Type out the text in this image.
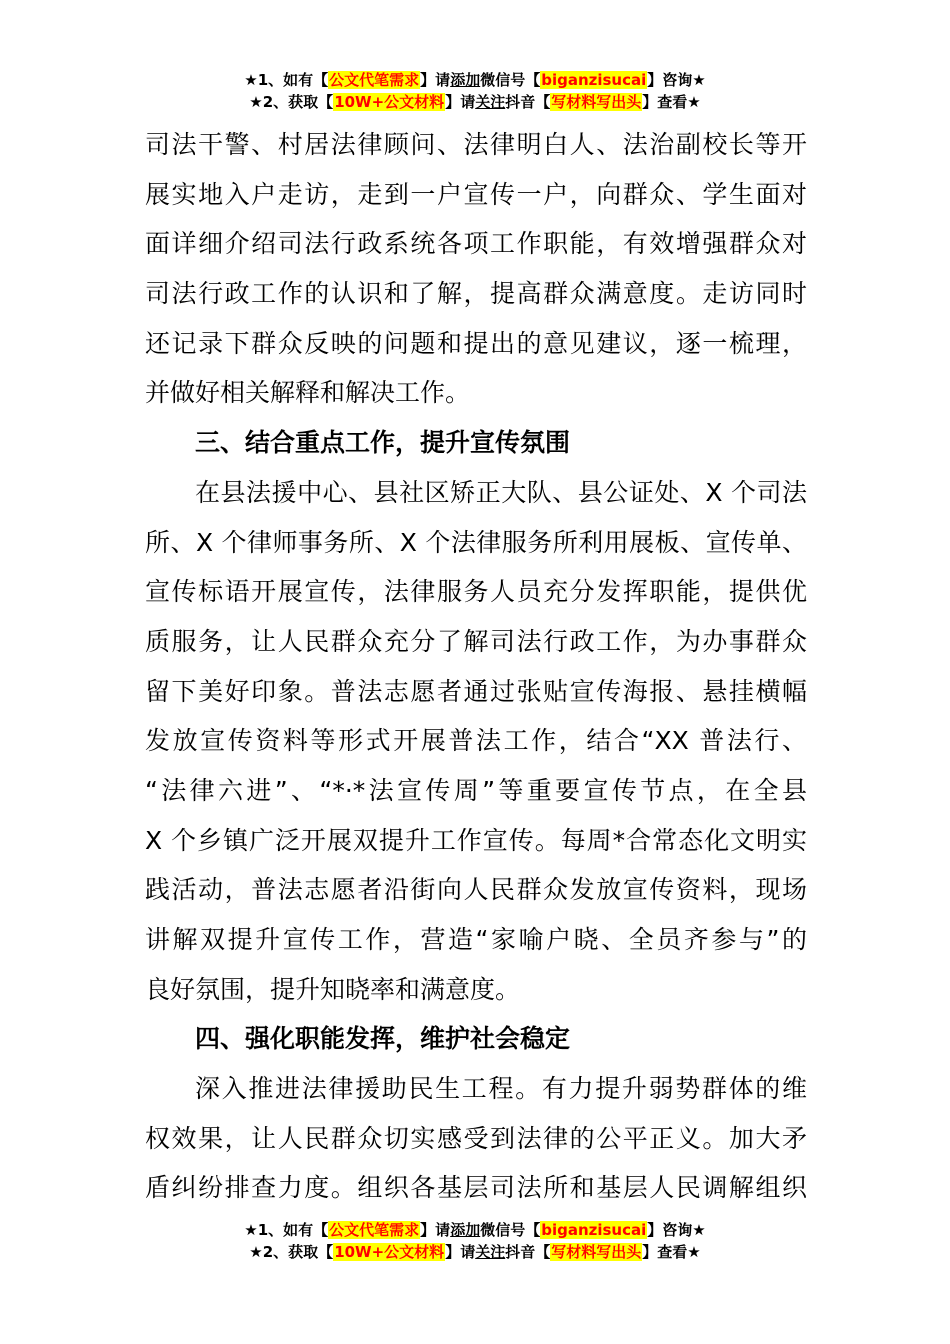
★1、如有【公文代笔需求】请添加微信号【biganzisucai】咨询★
★2、获取【10W+公文材料】请关注抖音【写材料写出头】查看★
司法干警、村居法律顾问、法律明白人、法治副校长等开
展实地入户走访，走到一户宣传一户，向群众、学生面对
面详细介绍司法行政系统各项工作职能，有效增强群众对
司法行政工作的认识和了解，提高群众满意度。走访同时
还记录下群众反映的问题和提出的意见建议，逐一梳理，
并做好相关解释和解决工作。
三、结合重点工作，提升宣传氛围
在县法援中心、县社区矫正大队、县公证处、X 个司法
所、X 个律师事务所、X 个法律服务所利用展板、宣传单、
宣传标语开展宣传，法律服务人员充分发挥职能，提供优
质服务，让人民群众充分了解司法行政工作，为办事群众
留下美好印象。普法志愿者通过张贴宣传海报、悬挂横幅
发放宣传资料等形式开展普法工作，结合“XX 普法行、
“法律六进”、“*·*法宣传周”等重要宣传节点，在全县
X 个乡镇广泛开展双提升工作宣传。每周*合常态化文明实
践活动，普法志愿者沿街向人民群众发放宣传资料，现场
讲解双提升宣传工作，营造“家喻户晓、全员齐参与”的
良好氛围，提升知晓率和满意度。
四、强化职能发挥，维护社会稳定
深入推进法律援助民生工程。有力提升弱势群体的维
权效果，让人民群众切实感受到法律的公平正义。加大矛
盾纠纷排查力度。组织各基层司法所和基层人民调解组织
★1、如有【公文代笔需求】请添加微信号【biganzisucai】咨询★
★2、获取【10W+公文材料】请关注抖音【写材料写出头】查看★
